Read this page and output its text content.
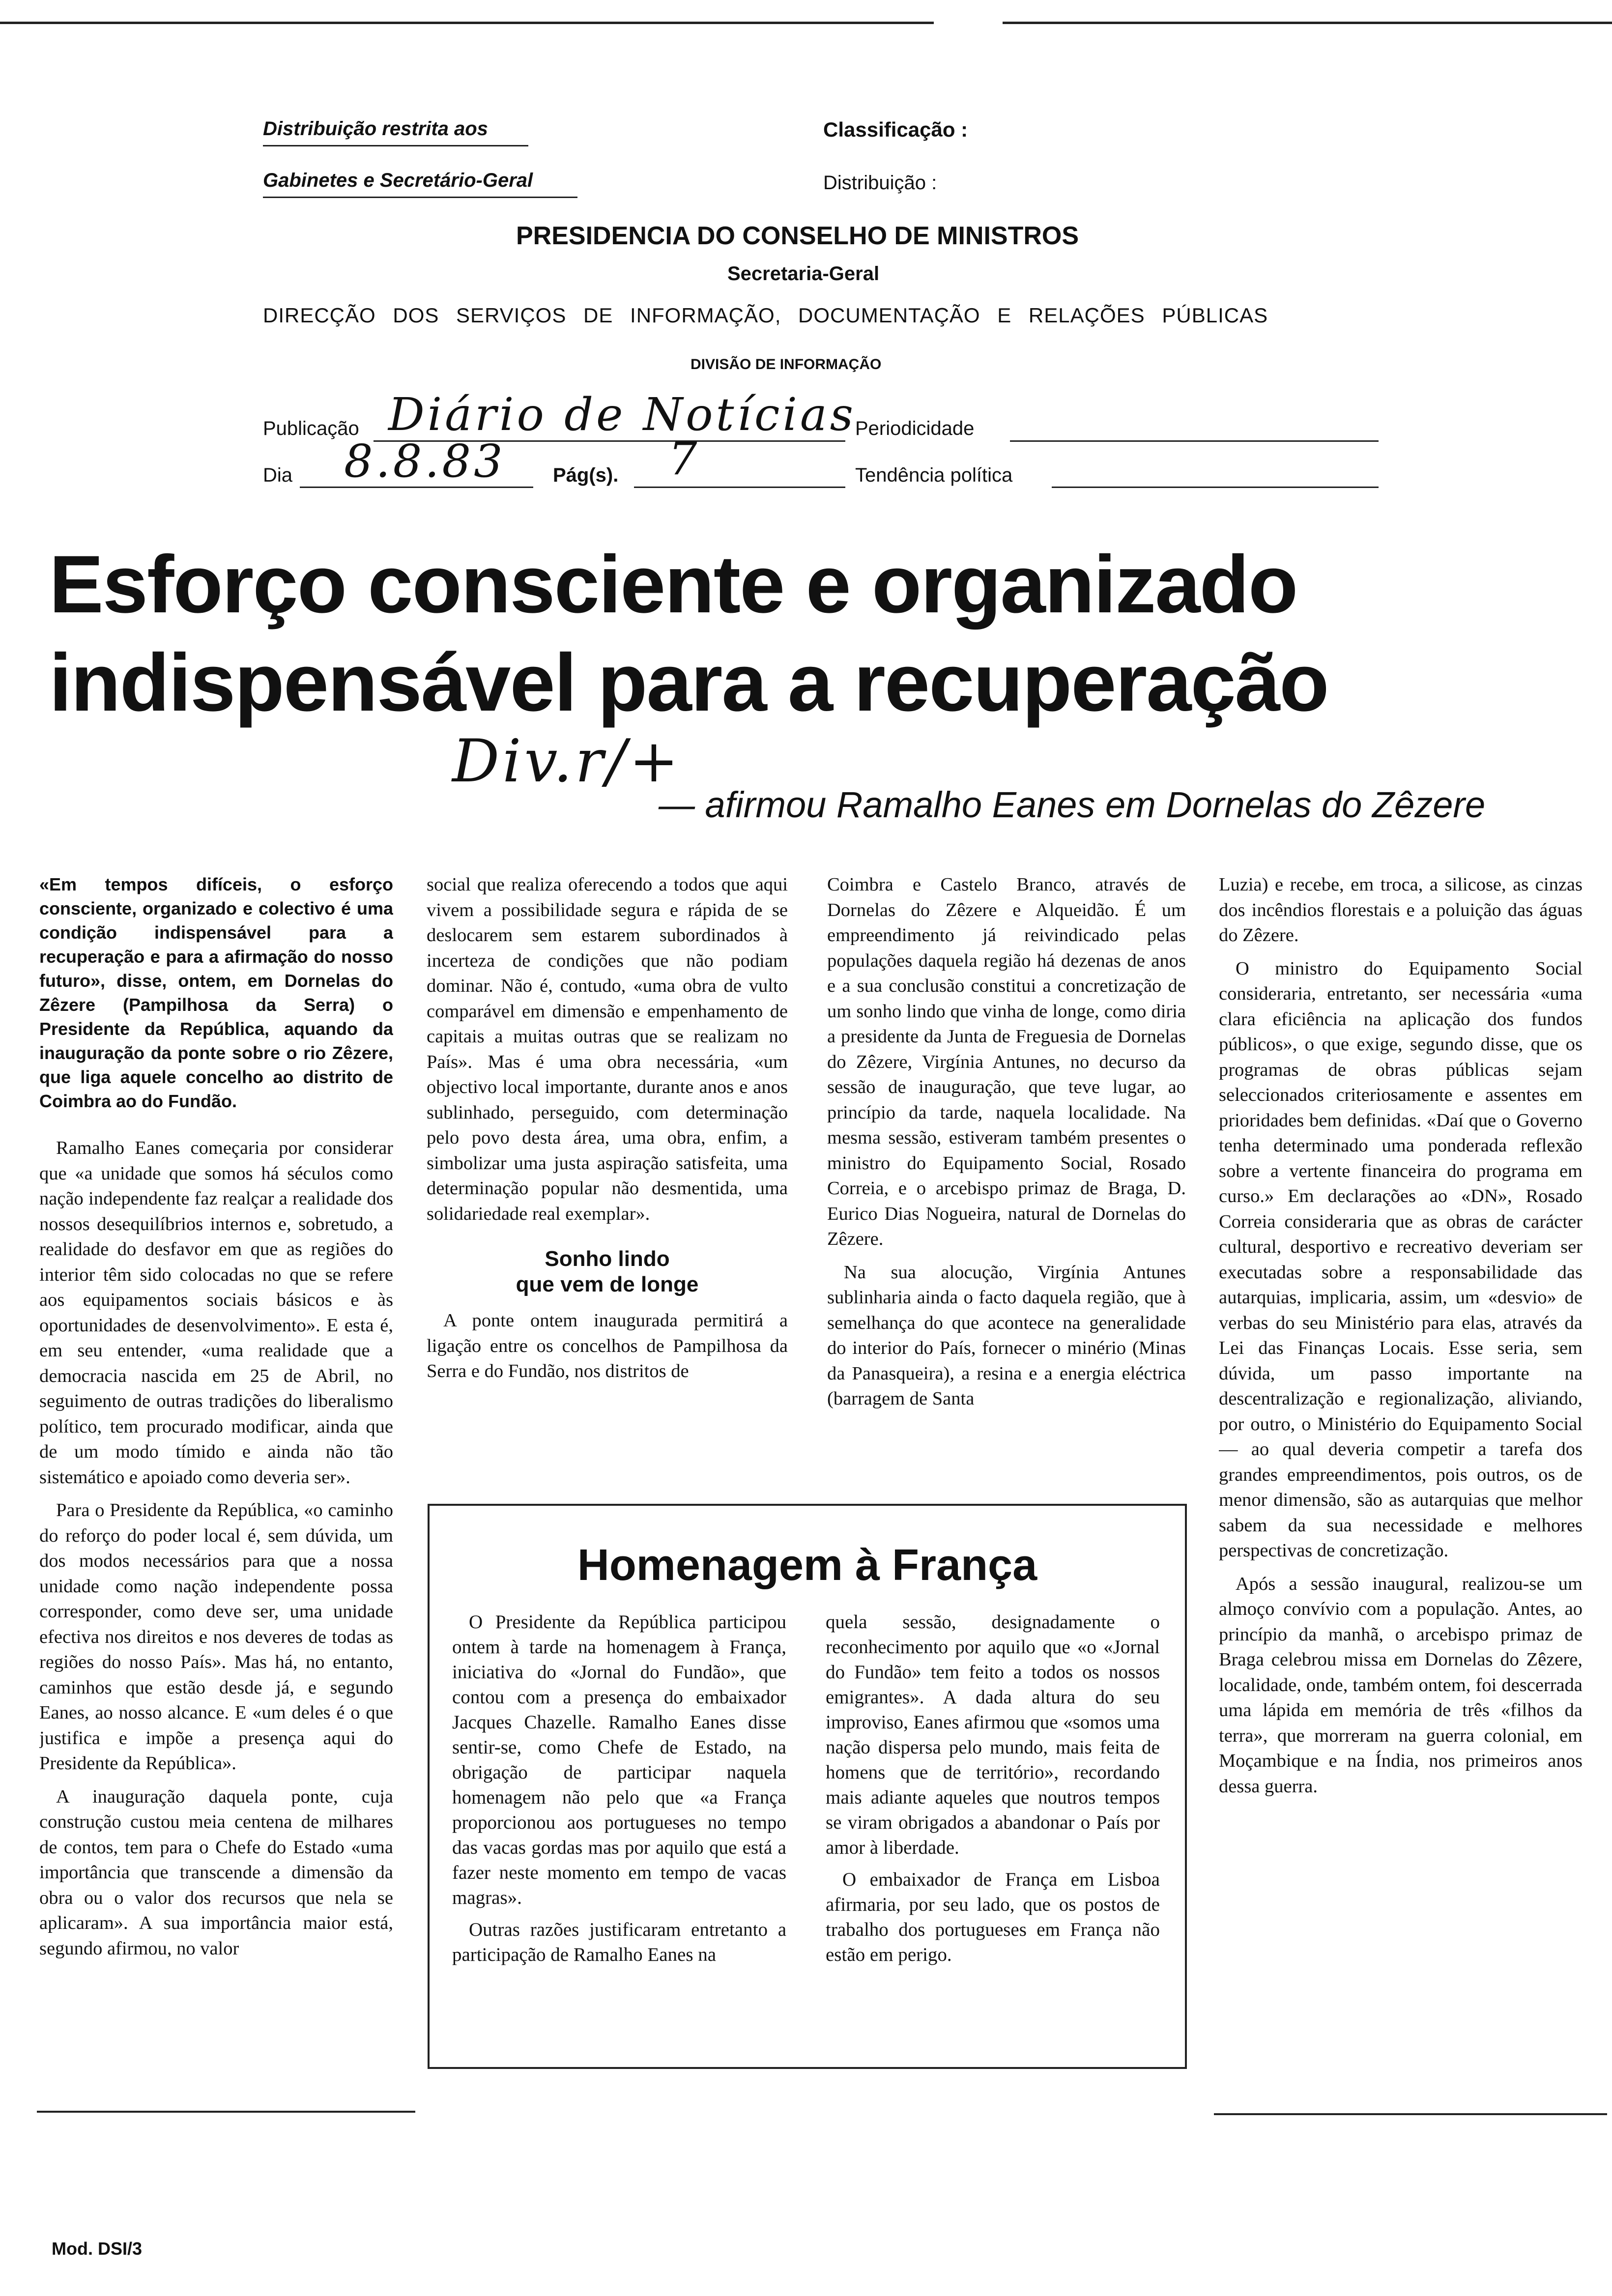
Distribuição restrita aos
Gabinetes e Secretário-Geral
Classificação :
Distribuição :
PRESIDENCIA DO CONSELHO DE MINISTROS
Secretaria-Geral
DIRECÇÃO DOS SERVIÇOS DE INFORMAÇÃO, DOCUMENTAÇÃO E RELAÇÕES PÚBLICAS
DIVISÃO DE INFORMAÇÃO
Publicação Diário de Notícias
Periodicidade
Dia 8.8.83 Pág(s). 7	Tendência política
Esforço consciente e organizado
indispensável para a recuperação
Div.r/+
— afirmou Ramalho Eanes em Dornelas do Zêzere

«Em tempos difíceis, o esforço consciente, organizado e colectivo é uma condição indispensável para a recuperação e para a afirmação do nosso futuro», disse, ontem, em Dornelas do Zêzere (Pampilhosa da Serra) o Presidente da República, aquando da inauguração da ponte sobre o rio Zêzere, que liga aquele concelho ao distrito de Coimbra ao do Fundão.

Ramalho Eanes começaria por considerar que «a unidade que somos há séculos como nação independente faz realçar a realidade dos nossos desequilíbrios internos e, sobretudo, a realidade do desfavor em que as regiões do interior têm sido colocadas no que se refere aos equipamentos sociais básicos e às oportunidades de desenvolvimento». E esta é, em seu entender, «uma realidade que a democracia nascida em 25 de Abril, no seguimento de outras tradições do liberalismo político, tem procurado modificar, ainda que de um modo tímido e ainda não tão sistemático e apoiado como deveria ser».

Para o Presidente da República, «o caminho do reforço do poder local é, sem dúvida, um dos modos necessários para que a nossa unidade como nação independente possa corresponder, como deve ser, uma unidade efectiva nos direitos e nos deveres de todas as regiões do nosso País». Mas há, no entanto, caminhos que estão desde já, e segundo Eanes, ao nosso alcance. E «um deles é o que justifica e impõe a presença aqui do Presidente da República».

A inauguração daquela ponte, cuja construção custou meia centena de milhares de contos, tem para o Chefe do Estado «uma importância que transcende a dimensão da obra ou o valor dos recursos que nela se aplicaram». A sua importância maior está, segundo afirmou, no valor

social que realiza oferecendo a todos que aqui vivem a possibilidade segura e rápida de se deslocarem sem estarem subordinados à incerteza de condições que não podiam dominar. Não é, contudo, «uma obra de vulto comparável em dimensão e empenhamento de capitais a muitas outras que se realizam no País». Mas é uma obra necessária, «um objectivo local importante, durante anos e anos sublinhado, perseguido, com determinação pelo povo desta área, uma obra, enfim, a simbolizar uma justa aspiração satisfeita, uma determinação popular não desmentida, uma solidariedade real exemplar».

Sonho lindo
que vem de longe

A ponte ontem inaugurada permitirá a ligação entre os concelhos de Pampilhosa da Serra e do Fundão, nos distritos de

Coimbra e Castelo Branco, através de Dornelas do Zêzere e Alqueidão. É um empreendimento já reivindicado pelas populações daquela região há dezenas de anos e a sua conclusão constitui a concretização de um sonho lindo que vinha de longe, como diria a presidente da Junta de Freguesia de Dornelas do Zêzere, Virgínia Antunes, no decurso da sessão de inauguração, que teve lugar, ao princípio da tarde, naquela localidade. Na mesma sessão, estiveram também presentes o ministro do Equipamento Social, Rosado Correia, e o arcebispo primaz de Braga, D. Eurico Dias Nogueira, natural de Dornelas do Zêzere.

Na sua alocução, Virgínia Antunes sublinharia ainda o facto daquela região, que à semelhança do que acontece na generalidade do interior do País, fornecer o minério (Minas da Panasqueira), a resina e a energia eléctrica (barragem de Santa

Luzia) e recebe, em troca, a silicose, as cinzas dos incêndios florestais e a poluição das águas do Zêzere.

O ministro do Equipamento Social consideraria, entretanto, ser necessária «uma clara eficiência na aplicação dos fundos públicos», o que exige, segundo disse, que os programas de obras públicas sejam seleccionados criteriosamente e assentes em prioridades bem definidas. «Daí que o Governo tenha determinado uma ponderada reflexão sobre a vertente financeira do programa em curso.» Em declarações ao «DN», Rosado Correia consideraria que as obras de carácter cultural, desportivo e recreativo deveriam ser executadas sobre a responsabilidade das autarquias, implicaria, assim, um «desvio» de verbas do seu Ministério para elas, através da Lei das Finanças Locais. Esse seria, sem dúvida, um passo importante na descentralização e regionalização, aliviando, por outro, o Ministério do Equipamento Social — ao qual deveria competir a tarefa dos grandes empreendimentos, pois outros, os de menor dimensão, são as autarquias que melhor sabem da sua necessidade e melhores perspectivas de concretização.

Após a sessão inaugural, realizou-se um almoço convívio com a população. Antes, ao princípio da manhã, o arcebispo primaz de Braga celebrou missa em Dornelas do Zêzere, localidade, onde, também ontem, foi descerrada uma lápida em memória de três «filhos da terra», que morreram na guerra colonial, em Moçambique e na Índia, nos primeiros anos dessa guerra.

Homenagem à França

O Presidente da República participou ontem à tarde na homenagem à França, iniciativa do «Jornal do Fundão», que contou com a presença do embaixador Jacques Chazelle. Ramalho Eanes disse sentir-se, como Chefe de Estado, na obrigação de participar naquela homenagem não pelo que «a França proporcionou aos portugueses no tempo das vacas gordas mas por aquilo que está a fazer neste momento em tempo de vacas magras».

Outras razões justificaram entretanto a participação de Ramalho Eanes na

quela sessão, designadamente o reconhecimento por aquilo que «o «Jornal do Fundão» tem feito a todos os nossos emigrantes». A dada altura do seu improviso, Eanes afirmou que «somos uma nação dispersa pelo mundo, mais feita de homens que de território», recordando mais adiante aqueles que noutros tempos se viram obrigados a abandonar o País por amor à liberdade.

O embaixador de França em Lisboa afirmaria, por seu lado, que os postos de trabalho dos portugueses em França não estão em perigo.

Mod. DSI/3
